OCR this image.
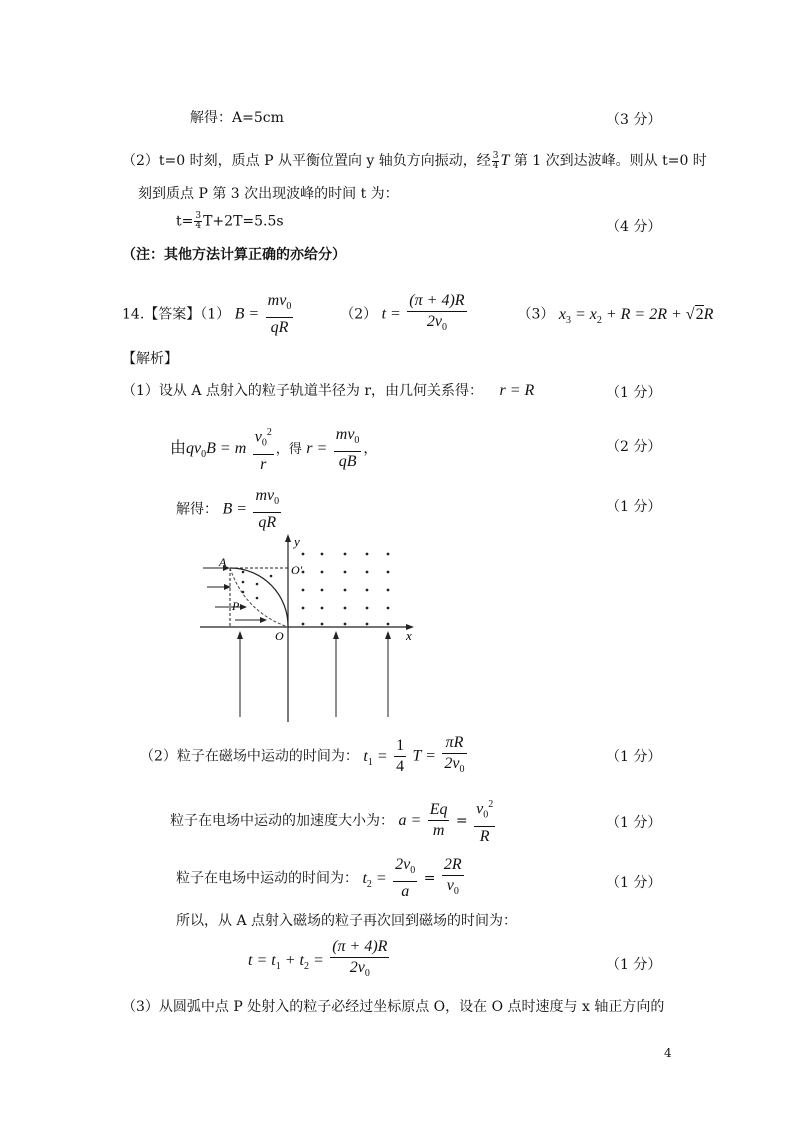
解得：A=5cm	（3 分）
（2）t=0 时刻，质点 P 从平衡位置向 y 轴负方向振动，经 $\frac{3}{4}$ T 第 1 次到达波峰。则从 t=0 时
刻到质点 P 第 3 次出现波峰的时间 t 为：
$t= \frac{3}{4} T+2T=5.5s$	（4 分）
（注：其他方法计算正确的亦给分）
14.【答案】（1） $B = \frac{mv_0}{qR}$	（2） $t = \frac{(\pi + 4)R}{2v_0}$	（3） $x_3 = x_2 + R = 2R + √2R$
【解析】
（1）设从 A 点射入的粒子轨道半径为 r，由几何关系得： r = R	（1 分）
由$qv_0B = m \frac{v_0^2}{r}$ ，得 $r = \frac{mv_0}{qB}$ ，	（2 分）
解得： $B = \frac{mv_0}{qR}$	（1 分）
y
x
A
O′
P
O
（2）粒子在磁场中运动的时间为： $t_1 = \frac{1}{4}$ $T = \frac{\pi R}{2v_0}$	（1 分）
粒子在电场中运动的加速度大小为： $a = \frac{Eq}{m} = \frac{v_0^2}{R}$	（1 分）
粒子在电场中运动的时间为： $t_2 = \frac{2v_0}{a} = \frac{2R}{v_0}$	（1 分）
所以，从 A 点射入磁场的粒子再次回到磁场的时间为：
$t = t_1 + t_2 = \frac{(\pi + 4)R}{2v_0}$	（1 分）
（3）从圆弧中点 P 处射入的粒子必经过坐标原点 O，设在 O 点时速度与 x 轴正方向的
4
